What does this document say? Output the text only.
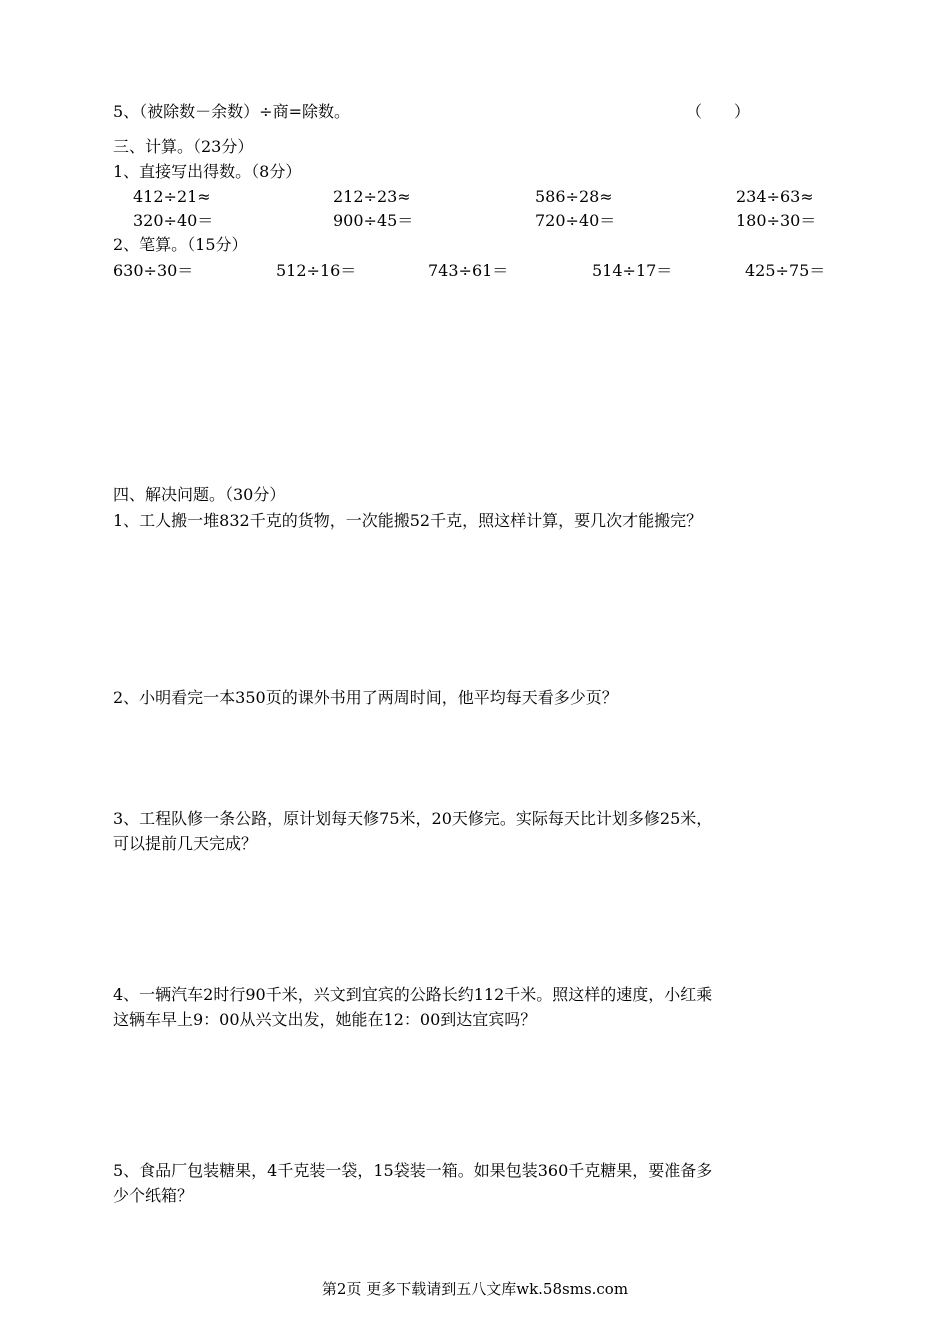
5、（被除数－余数）÷商=除数。	（　　）
三、计算。（23分）
1、直接写出得数。（8分）
412÷21≈	212÷23≈	586÷28≈	234÷63≈
320÷40＝	900÷45＝	720÷40＝	180÷30＝
2、笔算。（15分）
630÷30＝	512÷16＝	743÷61＝	514÷17＝	425÷75＝
四、解决问题。（30分）
1、工人搬一堆832千克的货物，一次能搬52千克，照这样计算，要几次才能搬完？
2、小明看完一本350页的课外书用了两周时间，他平均每天看多少页？
3、工程队修一条公路，原计划每天修75米，20天修完。实际每天比计划多修25米，
可以提前几天完成？
4、一辆汽车2时行90千米，兴文到宜宾的公路长约112千米。照这样的速度，小红乘
这辆车早上9：00从兴文出发，她能在12：00到达宜宾吗？
5、食品厂包装糖果，4千克装一袋，15袋装一箱。如果包装360千克糖果，要准备多
少个纸箱？
第2页 更多下载请到五八文库wk.58sms.com
